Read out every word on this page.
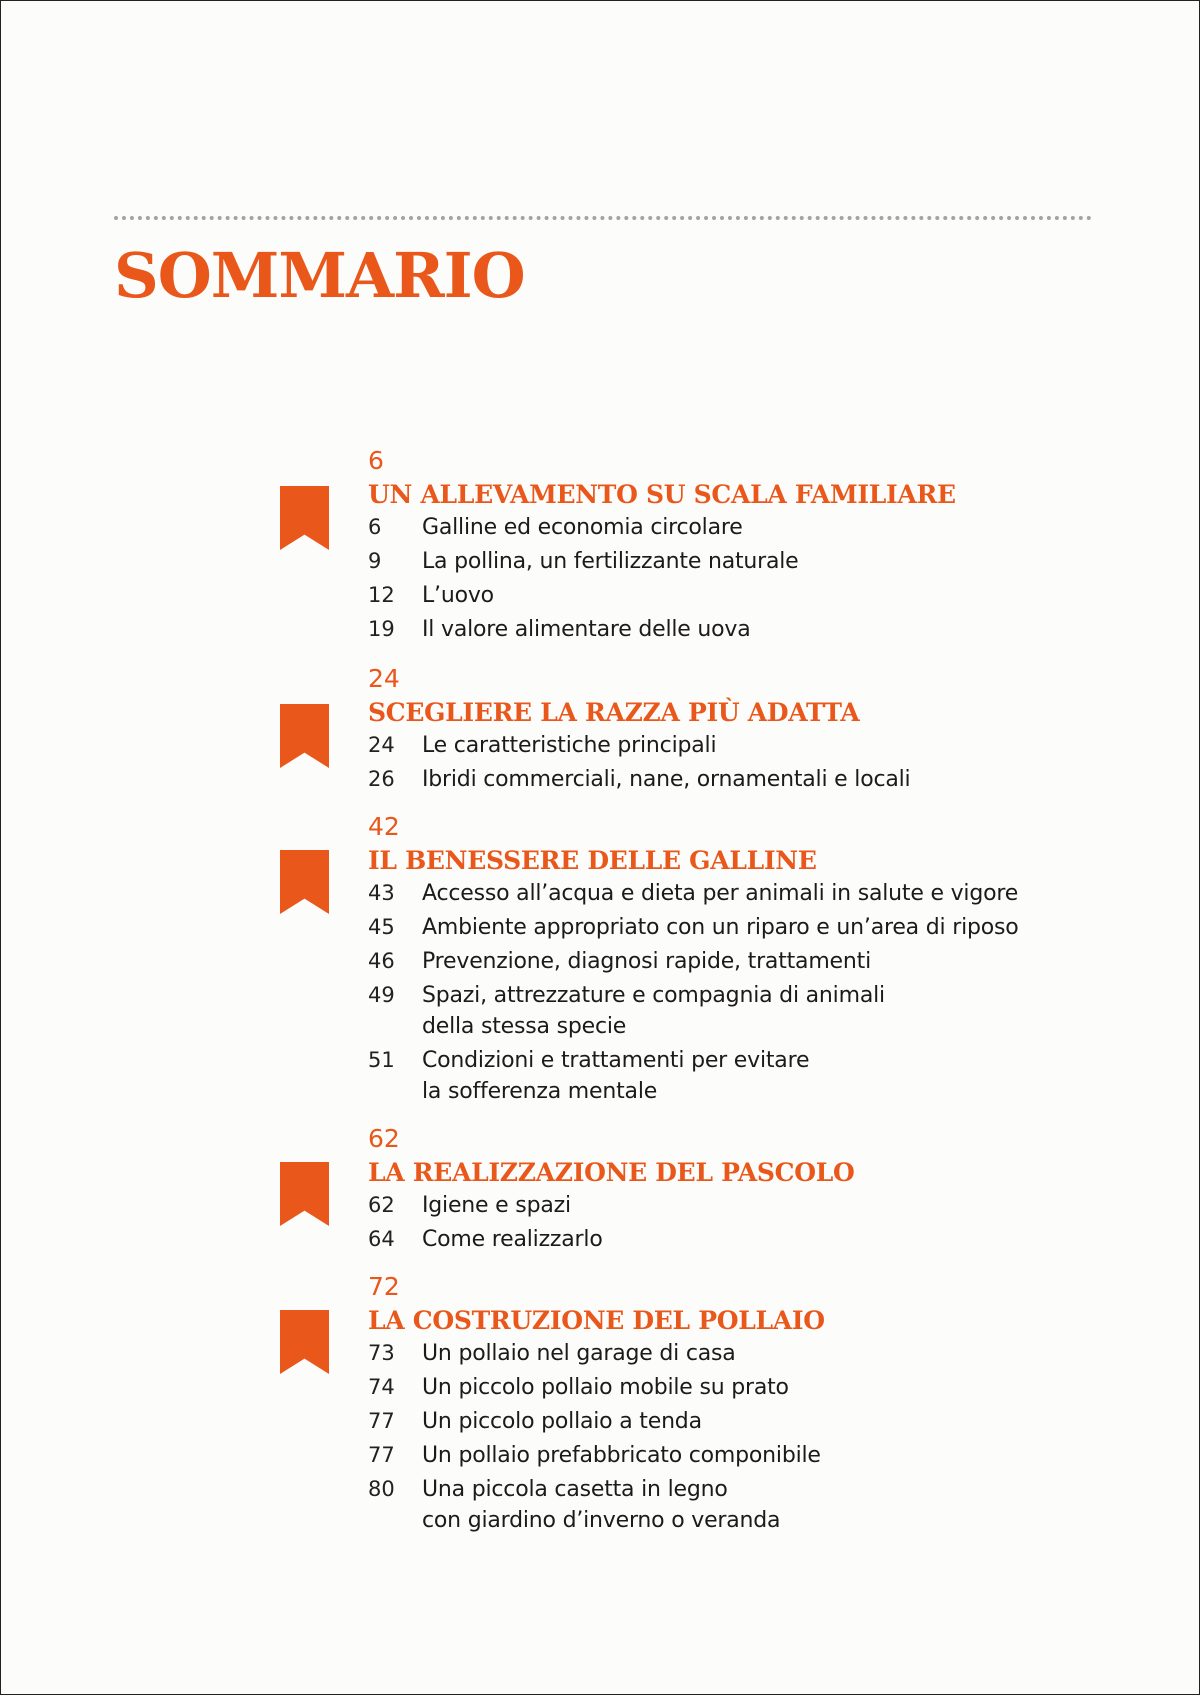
SOMMARIO
6
UN ALLEVAMENTO SU SCALA FAMILIARE
6	Galline ed economia circolare
9	La pollina, un fertilizzante naturale
12	L’uovo
19	Il valore alimentare delle uova
24
SCEGLIERE LA RAZZA PIÙ ADATTA
24	Le caratteristiche principali
26	Ibridi commerciali, nane, ornamentali e locali
42
IL BENESSERE DELLE GALLINE
43	Accesso all’acqua e dieta per animali in salute e vigore
45	Ambiente appropriato con un riparo e un’area di riposo
46	Prevenzione, diagnosi rapide, trattamenti
49	Spazi, attrezzature e compagnia di animali
della stessa specie
51	Condizioni e trattamenti per evitare
la sofferenza mentale
62
LA REALIZZAZIONE DEL PASCOLO
62	Igiene e spazi
64	Come realizzarlo
72
LA COSTRUZIONE DEL POLLAIO
73	Un pollaio nel garage di casa
74	Un piccolo pollaio mobile su prato
77	Un piccolo pollaio a tenda
77	Un pollaio prefabbricato componibile
80	Una piccola casetta in legno
con giardino d’inverno o veranda
